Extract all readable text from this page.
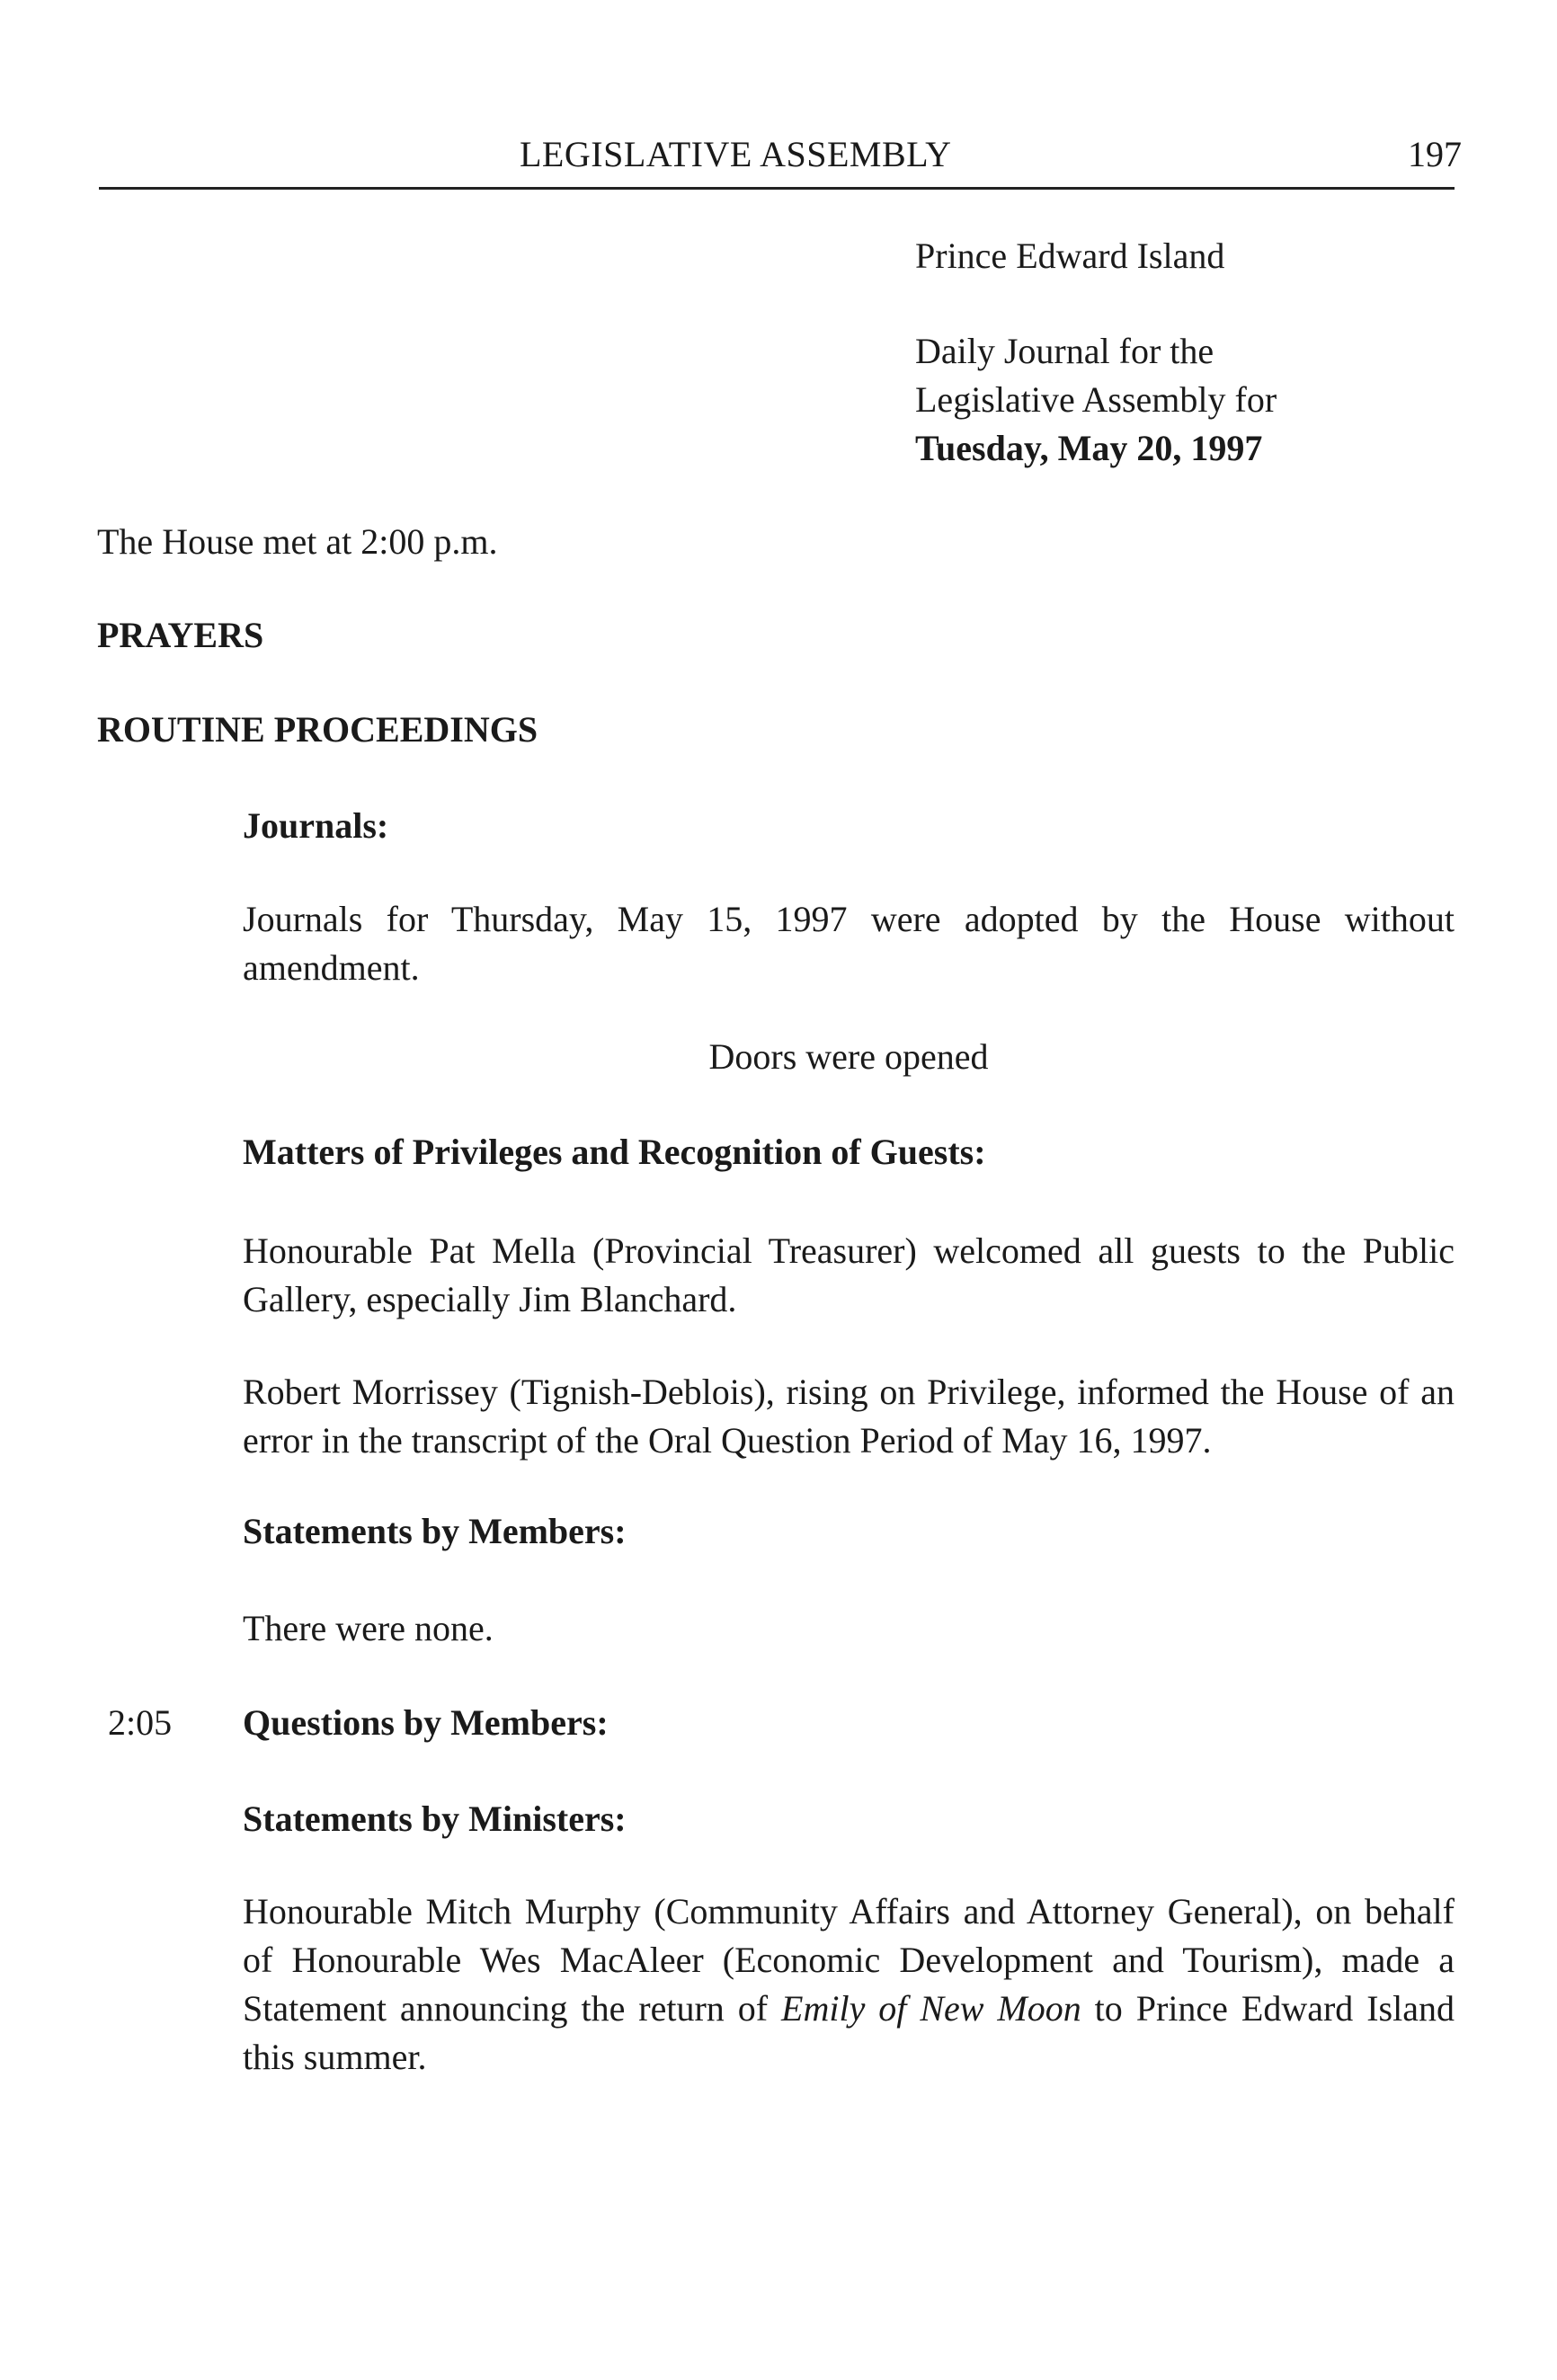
LEGISLATIVE ASSEMBLY	197
Prince Edward Island
Daily Journal for the
Legislative Assembly for
Tuesday, May 20, 1997
The House met at 2:00 p.m.
PRAYERS
ROUTINE PROCEEDINGS
Journals:
Journals for Thursday, May 15, 1997 were adopted by the House without amendment.
Doors were opened
Matters of Privileges and Recognition of Guests:
Honourable Pat Mella (Provincial Treasurer) welcomed all guests to the Public Gallery, especially Jim Blanchard.
Robert Morrissey (Tignish-Deblois), rising on Privilege, informed the House of an error in the transcript of the Oral Question Period of May 16, 1997.
Statements by Members:
There were none.
2:05 Questions by Members:
Statements by Ministers:
Honourable Mitch Murphy (Community Affairs and Attorney General), on behalf of Honourable Wes MacAleer (Economic Development and Tourism), made a Statement announcing the return of Emily of New Moon to Prince Edward Island this summer.
